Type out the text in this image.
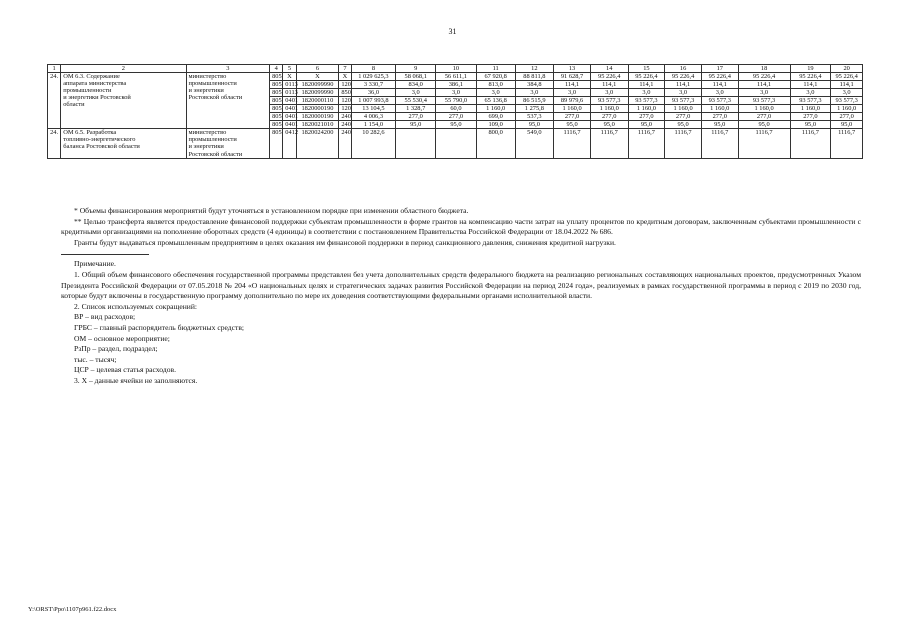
31
1	2	3	4	5	6	7	8	9	10	11	12	13	14	15	16	17	18	19	20
24.	ОМ 6.3. Содержание
аппарата министерства
промышленности
и энергетики Ростовской
области	министерство
промышленности
и энергетики
Ростовской области	805	X	X	X	1 029 625,3	58 068,1	56 611,1	67 920,8	88 811,8	91 628,7	95 226,4	95 226,4	95 226,4	95 226,4	95 226,4	95 226,4	95 226,4
			805	0113	1820099990	120	3 330,7	834,0	386,1	813,0	384,8	114,1	114,1	114,1	114,1	114,1	114,1	114,1	114,1
			805	0113	1820099990	850	36,0	3,0	3,0	3,0	3,0	3,0	3,0	3,0	3,0	3,0	3,0	3,0	3,0
			805	0401	1820000110	120	1 007 993,8	55 530,4	55 790,0	65 136,8	86 515,9	89 979,6	93 577,3	93 577,3	93 577,3	93 577,3	93 577,3	93 577,3	93 577,3
			805	0401	1820000190	120	13 104,5	1 328,7	60,0	1 160,0	1 275,8	1 160,0	1 160,0	1 160,0	1 160,0	1 160,0	1 160,0	1 160,0	1 160,0
			805	0401	1820000190	240	4 006,3	277,0	277,0	699,0	537,3	277,0	277,0	277,0	277,0	277,0	277,0	277,0	277,0
			805	0401	1820021010	240	1 154,0	95,0	95,0	109,0	95,0	95,0	95,0	95,0	95,0	95,0	95,0	95,0	95,0
24.	ОМ 6.5. Разработка
топливно-энергетического
баланса Ростовской области	министерство
промышленности
и энергетики
Ростовской области	805	0412	1820024200	240	10 282,6			800,0	549,0	1116,7	1116,7	1116,7	1116,7	1116,7	1116,7	1116,7	1116,7

* Объемы финансирования мероприятий будут уточняться в установленном порядке при изменении областного бюджета.

** Целью трансферта является предоставление финансовой поддержки субъектам промышленности в форме грантов на компенсацию части затрат на уплату процентов по кредитным договорам, заключенным субъектами промышленности с кредитными организациями на пополнение оборотных средств (4 единицы) в соответствии с постановлением Правительства Российской Федерации от 18.04.2022 № 686.

Гранты будут выдаваться промышленным предприятиям в целях оказания им финансовой поддержки в период санкционного давления, снижения кредитной нагрузки.

Примечание.

1. Общий объем финансового обеспечения государственной программы представлен без учета дополнительных средств федерального бюджета на реализацию региональных составляющих национальных проектов, предусмотренных Указом Президента Российской Федерации от 07.05.2018 № 204 «О национальных целях и стратегических задачах развития Российской Федерации на период 2024 года», реализуемых в рамках государственной программы в период с 2019 по 2030 год, которые будут включены в государственную программу дополнительно по мере их доведения соответствующими федеральными органами исполнительной власти.

2. Список используемых сокращений:

ВР – вид расходов;

ГРБС – главный распорядитель бюджетных средств;

ОМ – основное мероприятие;

РзПр – раздел, подраздел;

тыс. – тысяч;

ЦСР – целевая статья расходов.

3. Х – данные ячейки не заполняются.

Y:\ORST\Ppo\1107p961.f22.docx
